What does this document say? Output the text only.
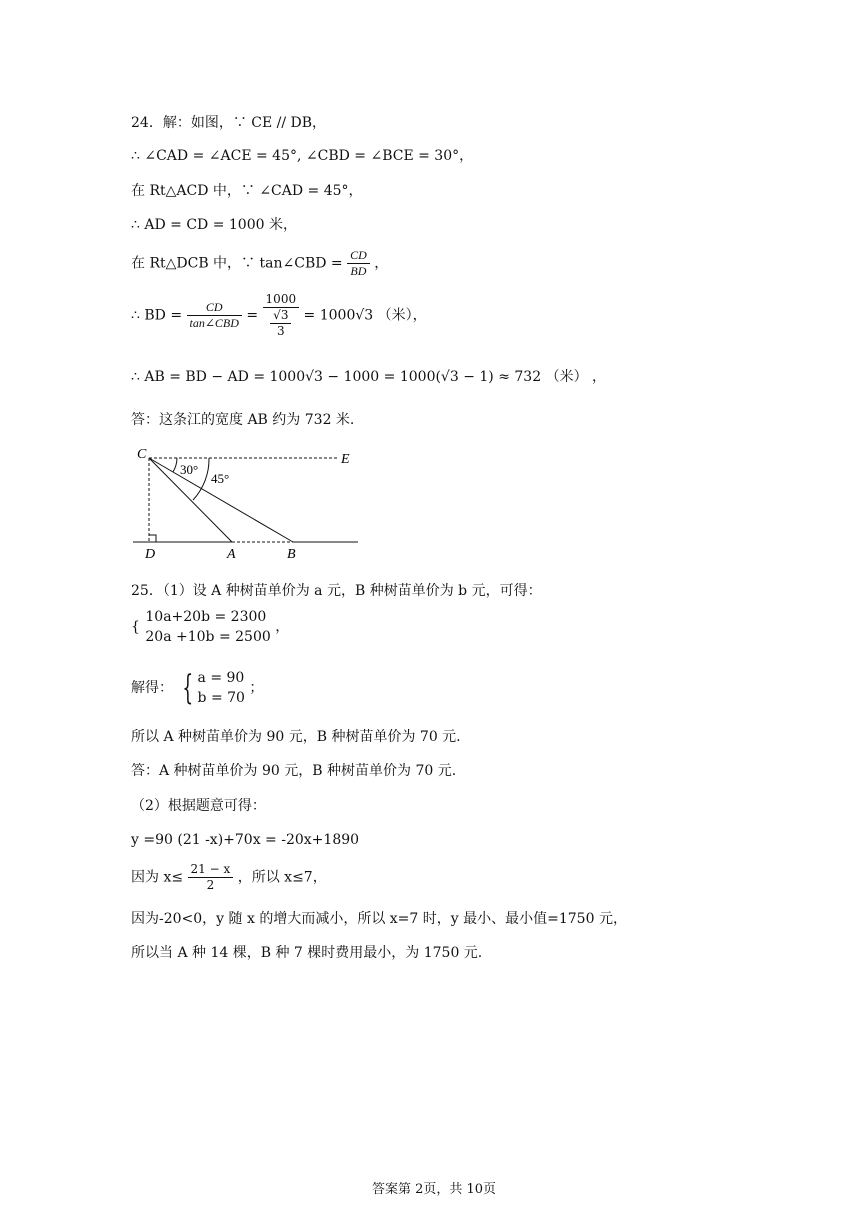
24．解：如图，∵ CE // DB，
∴ ∠CAD = ∠ACE = 45°, ∠CBD = ∠BCE = 30°，
在 Rt△ACD 中，∵ ∠CAD = 45°，
∴ AD = CD = 1000 米，
在 Rt△DCB 中，∵ tan∠CBD = $\frac{CD}{BD}$ ，
∴ BD = $\frac{CD}{\text{tan∠CBD}} = \frac{1000}{\frac{√3}{3}} = 1000√3$ （米），
∴ AB = BD − AD = 1000√3 − 1000 = 1000(√3 − 1) ≈ 732 （米） ，
答：这条江的宽度 AB 约为 732 米.
C	E
D	A	B
30°
45°
25．（1）设 A 种树苗单价为 a 元，B 种树苗单价为 b 元，可得：
{
10a+20b = 2300
20a +10b = 2500
，
解得： { a = 90
b = 70
；
所以 A 种树苗单价为 90 元，B 种树苗单价为 70 元.
答：A 种树苗单价为 90 元，B 种树苗单价为 70 元.
（2）根据题意可得：
y =90 (21 -x)+70x = -20x+1890
因为 $x\le \frac{21 - x}{2}$ ，所以 x≤7，
因为-20<0，y 随 x 的增大而减小，所以 x=7 时，y 最小、最小值=1750 元，
所以当 A 种 14 棵，B 种 7 棵时费用最小，为 1750 元.
答案第 2页，共 10页
